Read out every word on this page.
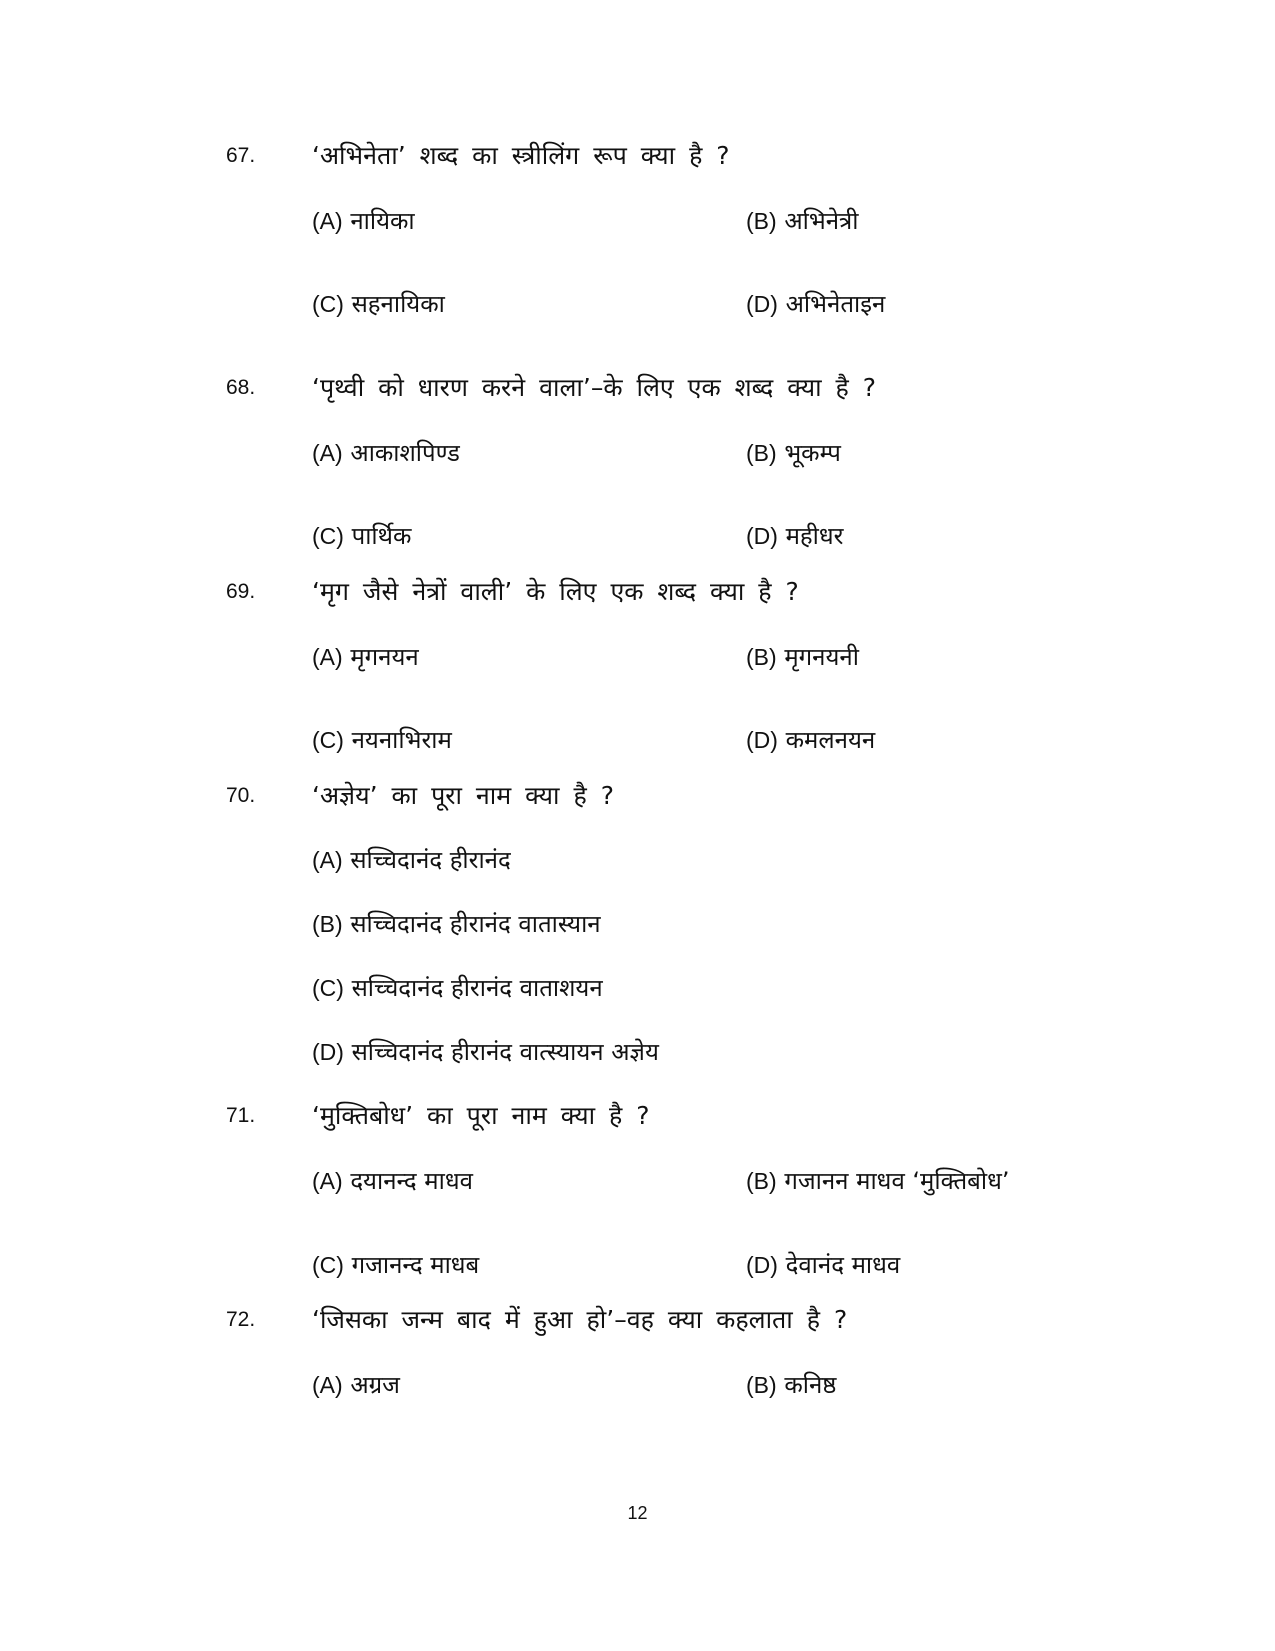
67. ‘अभिनेता’ शब्द का स्त्रीलिंग रूप क्या है ?
(A) नायिका	(B) अभिनेत्री
(C) सहनायिका	(D) अभिनेताइन
68. ‘पृथ्वी को धारण करने वाला’–के लिए एक शब्द क्या है ?
(A) आकाशपिण्ड	(B) भूकम्प
(C) पार्थिक	(D) महीधर
69. ‘मृग जैसे नेत्रों वाली’ के लिए एक शब्द क्या है ?
(A) मृगनयन	(B) मृगनयनी
(C) नयनाभिराम	(D) कमलनयन
70. ‘अज्ञेय’ का पूरा नाम क्या है ?
(A) सच्चिदानंद हीरानंद
(B) सच्चिदानंद हीरानंद वातास्यान
(C) सच्चिदानंद हीरानंद वाताशयन
(D) सच्चिदानंद हीरानंद वात्स्यायन अज्ञेय
71. ‘मुक्तिबोध’ का पूरा नाम क्या है ?
(A) दयानन्द माधव	(B) गजानन माधव ‘मुक्तिबोध’
(C) गजानन्द माधब	(D) देवानंद माधव
72. ‘जिसका जन्म बाद में हुआ हो’–वह क्या कहलाता है ?
(A) अग्रज	(B) कनिष्ठ
12
